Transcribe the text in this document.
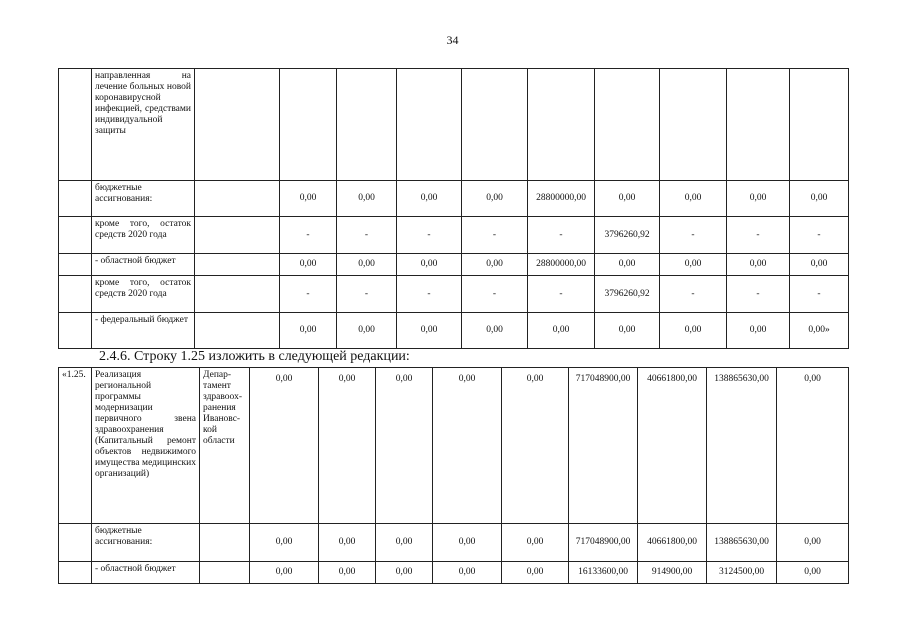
34
	направленная на лечение больных новой коронавирусной инфекцией, средствами индивидуальной защиты										
	бюджетные ассигнования:		0,00	0,00	0,00	0,00	28800000,00	0,00	0,00	0,00	0,00
	кроме того, остаток средств 2020 года		-	-	-	-	-	3796260,92	-	-	-
	- областной бюджет		0,00	0,00	0,00	0,00	28800000,00	0,00	0,00	0,00	0,00
	кроме того, остаток средств 2020 года		-	-	-	-	-	3796260,92	-	-	-
	- федеральный бюджет		0,00	0,00	0,00	0,00	0,00	0,00	0,00	0,00	0,00»
2.4.6. Строку 1.25 изложить в следующей редакции:
«1.25.	Реализация региональной программы модернизации первичного звена здравоохранения (Капитальный ремонт объектов недвижимого имущества медицинских организаций)	Депар-тамент здравоох-ранения Ивановс-кой области	0,00	0,00	0,00	0,00	0,00	717048900,00	40661800,00	138865630,00	0,00
	бюджетные ассигнования:		0,00	0,00	0,00	0,00	0,00	717048900,00	40661800,00	138865630,00	0,00
	- областной бюджет		0,00	0,00	0,00	0,00	0,00	16133600,00	914900,00	3124500,00	0,00
